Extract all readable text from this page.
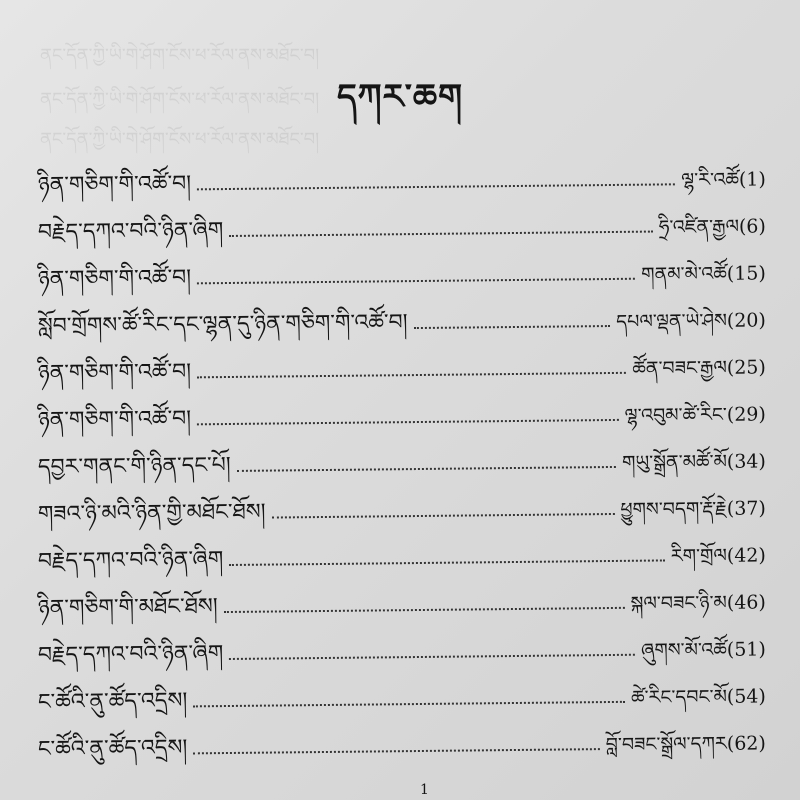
ནང་དོན་ཀྱི་ཡི་གེ་ཤོག་ངོས་ཕ་རོལ་ནས་མཐོང་བ།
ནང་དོན་ཀྱི་ཡི་གེ་ཤོག་ངོས་ཕ་རོལ་ནས་མཐོང་བ།
ནང་དོན་ཀྱི་ཡི་གེ་ཤོག་ངོས་ཕ་རོལ་ནས་མཐོང་བ།
དཀར་ཆག
ཉིན་གཅིག་གི་འཚོ་བ།	ལྷ་རི་འཚོ (1)
བརྗེད་དཀའ་བའི་ཉིན་ཞིག	ཧྲི་འཛིན་རྒྱལ (6)
ཉིན་གཅིག་གི་འཚོ་བ།	གནམ་མེ་འཚོ (15)
སློབ་གྲོགས་ཚོ་རིང་དང་ལྷན་དུ་ཉིན་གཅིག་གི་འཚོ་བ།	དཔལ་ལྡན་ཡེ་ཤེས (20)
ཉིན་གཅིག་གི་འཚོ་བ།	ཚོན་བཟང་རྒྱལ (25)
ཉིན་གཅིག་གི་འཚོ་བ།	ལྷ་འབུམ་ཚེ་རིང་ (29)
དབྱར་གནང་གི་ཉིན་དང་པོ།	གཡུ་སྒྲོན་མཚོ་མོ (34)
གཟའ་ཉི་མའི་ཉིན་གྱི་མཐོང་ཐོས།	ཕྱུགས་བདག་རྡོ་རྗེ (37)
བརྗེད་དཀའ་བའི་ཉིན་ཞིག	རིག་གྲོལ (42)
ཉིན་གཅིག་གི་མཐོང་ཐོས།	སྐལ་བཟང་ཉི་མ (46)
བརྗེད་དཀའ་བའི་ཉིན་ཞིག	ཞུགས་མོ་འཚོ (51)
ང་ཚོའི་ནུ་ཚོད་འདྲིས།	ཚེ་རིང་དབང་མོ (54)
ང་ཚོའི་ནུ་ཚོད་འདྲིས།	བློ་བཟང་སྒྲོལ་དཀར (62)
1
